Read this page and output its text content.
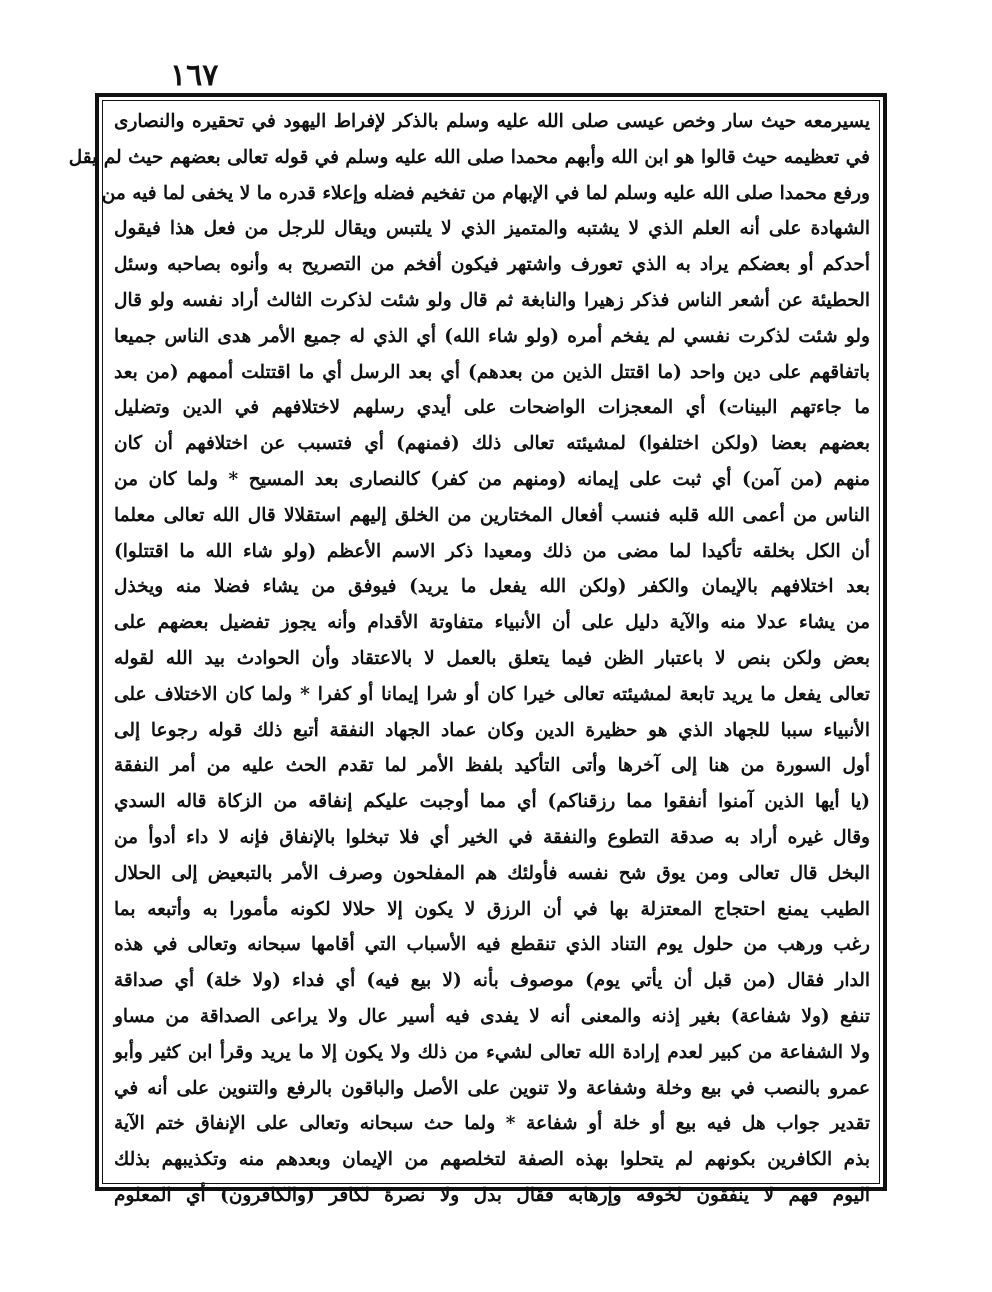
١٦٧
يسيرمعه حيث سار وخص عيسى صلى الله عليه وسلم بالذكر لإفراط اليهود في تحقيره والنصارى
في تعظيمه حيث قالوا هو ابن الله وأبهم محمدا صلى الله عليه وسلم في قوله تعالى بعضهم حيث لم يقل
ورفع محمدا صلى الله عليه وسلم لما في الإبهام من تفخيم فضله وإعلاء قدره ما لا يخفى لما فيه من
الشهادة على أنه العلم الذي لا يشتبه والمتميز الذي لا يلتبس ويقال للرجل من فعل هذا فيقول
أحدكم أو بعضكم يراد به الذي تعورف واشتهر فيكون أفخم من التصريح به وأنوه بصاحبه وسئل
الحطيئة عن أشعر الناس فذكر زهيرا والنابغة ثم قال ولو شئت لذكرت الثالث أراد نفسه ولو قال
ولو شئت لذكرت نفسي لم يفخم أمره (ولو شاء الله) أي الذي له جميع الأمر هدى الناس جميعا
باتفاقهم على دين واحد (ما اقتتل الذين من بعدهم) أي بعد الرسل أي ما اقتتلت أممهم (من بعد
ما جاءتهم البينات) أي المعجزات الواضحات على أيدي رسلهم لاختلافهم في الدين وتضليل
بعضهم بعضا (ولكن اختلفوا) لمشيئته تعالى ذلك (فمنهم) أي فتسبب عن اختلافهم أن كان
منهم (من آمن) أي ثبت على إيمانه (ومنهم من كفر) كالنصارى بعد المسيح * ولما كان من
الناس من أعمى الله قلبه فنسب أفعال المختارين من الخلق إليهم استقلالا قال الله تعالى معلما
أن الكل بخلقه تأكيدا لما مضى من ذلك ومعيدا ذكر الاسم الأعظم (ولو شاء الله ما اقتتلوا)
بعد اختلافهم بالإيمان والكفر (ولكن الله يفعل ما يريد) فيوفق من يشاء فضلا منه ويخذل
من يشاء عدلا منه والآية دليل على أن الأنبياء متفاوتة الأقدام وأنه يجوز تفضيل بعضهم على
بعض ولكن بنص لا باعتبار الظن فيما يتعلق بالعمل لا بالاعتقاد وأن الحوادث بيد الله لقوله
تعالى يفعل ما يريد تابعة لمشيئته تعالى خيرا كان أو شرا إيمانا أو كفرا * ولما كان الاختلاف على
الأنبياء سببا للجهاد الذي هو حظيرة الدين وكان عماد الجهاد النفقة أتبع ذلك قوله رجوعا إلى
أول السورة من هنا إلى آخرها وأتى التأكيد بلفظ الأمر لما تقدم الحث عليه من أمر النفقة
(يا أيها الذين آمنوا أنفقوا مما رزقناكم) أي مما أوجبت عليكم إنفاقه من الزكاة قاله السدي
وقال غيره أراد به صدقة التطوع والنفقة في الخير أي فلا تبخلوا بالإنفاق فإنه لا داء أدوأ من
البخل قال تعالى ومن يوق شح نفسه فأولئك هم المفلحون وصرف الأمر بالتبعيض إلى الحلال
الطيب يمنع احتجاج المعتزلة بها في أن الرزق لا يكون إلا حلالا لكونه مأمورا به وأتبعه بما
رغب ورهب من حلول يوم التناد الذي تنقطع فيه الأسباب التي أقامها سبحانه وتعالى في هذه
الدار فقال (من قبل أن يأتي يوم) موصوف بأنه (لا بيع فيه) أي فداء (ولا خلة) أي صداقة
تنفع (ولا شفاعة) بغير إذنه والمعنى أنه لا يفدى فيه أسير عال ولا يراعى الصداقة من مساو
ولا الشفاعة من كبير لعدم إرادة الله تعالى لشيء من ذلك ولا يكون إلا ما يريد وقرأ ابن كثير وأبو
عمرو بالنصب في بيع وخلة وشفاعة ولا تنوين على الأصل والباقون بالرفع والتنوين على أنه في
تقدير جواب هل فيه بيع أو خلة أو شفاعة * ولما حث سبحانه وتعالى على الإنفاق ختم الآية
بذم الكافرين بكونهم لم يتحلوا بهذه الصفة لتخلصهم من الإيمان وبعدهم منه وتكذيبهم بذلك
اليوم فهم لا ينفقون لخوفه وإرهابه فقال بدل ولا نصرة لكافر (والكافرون) أي المعلوم
